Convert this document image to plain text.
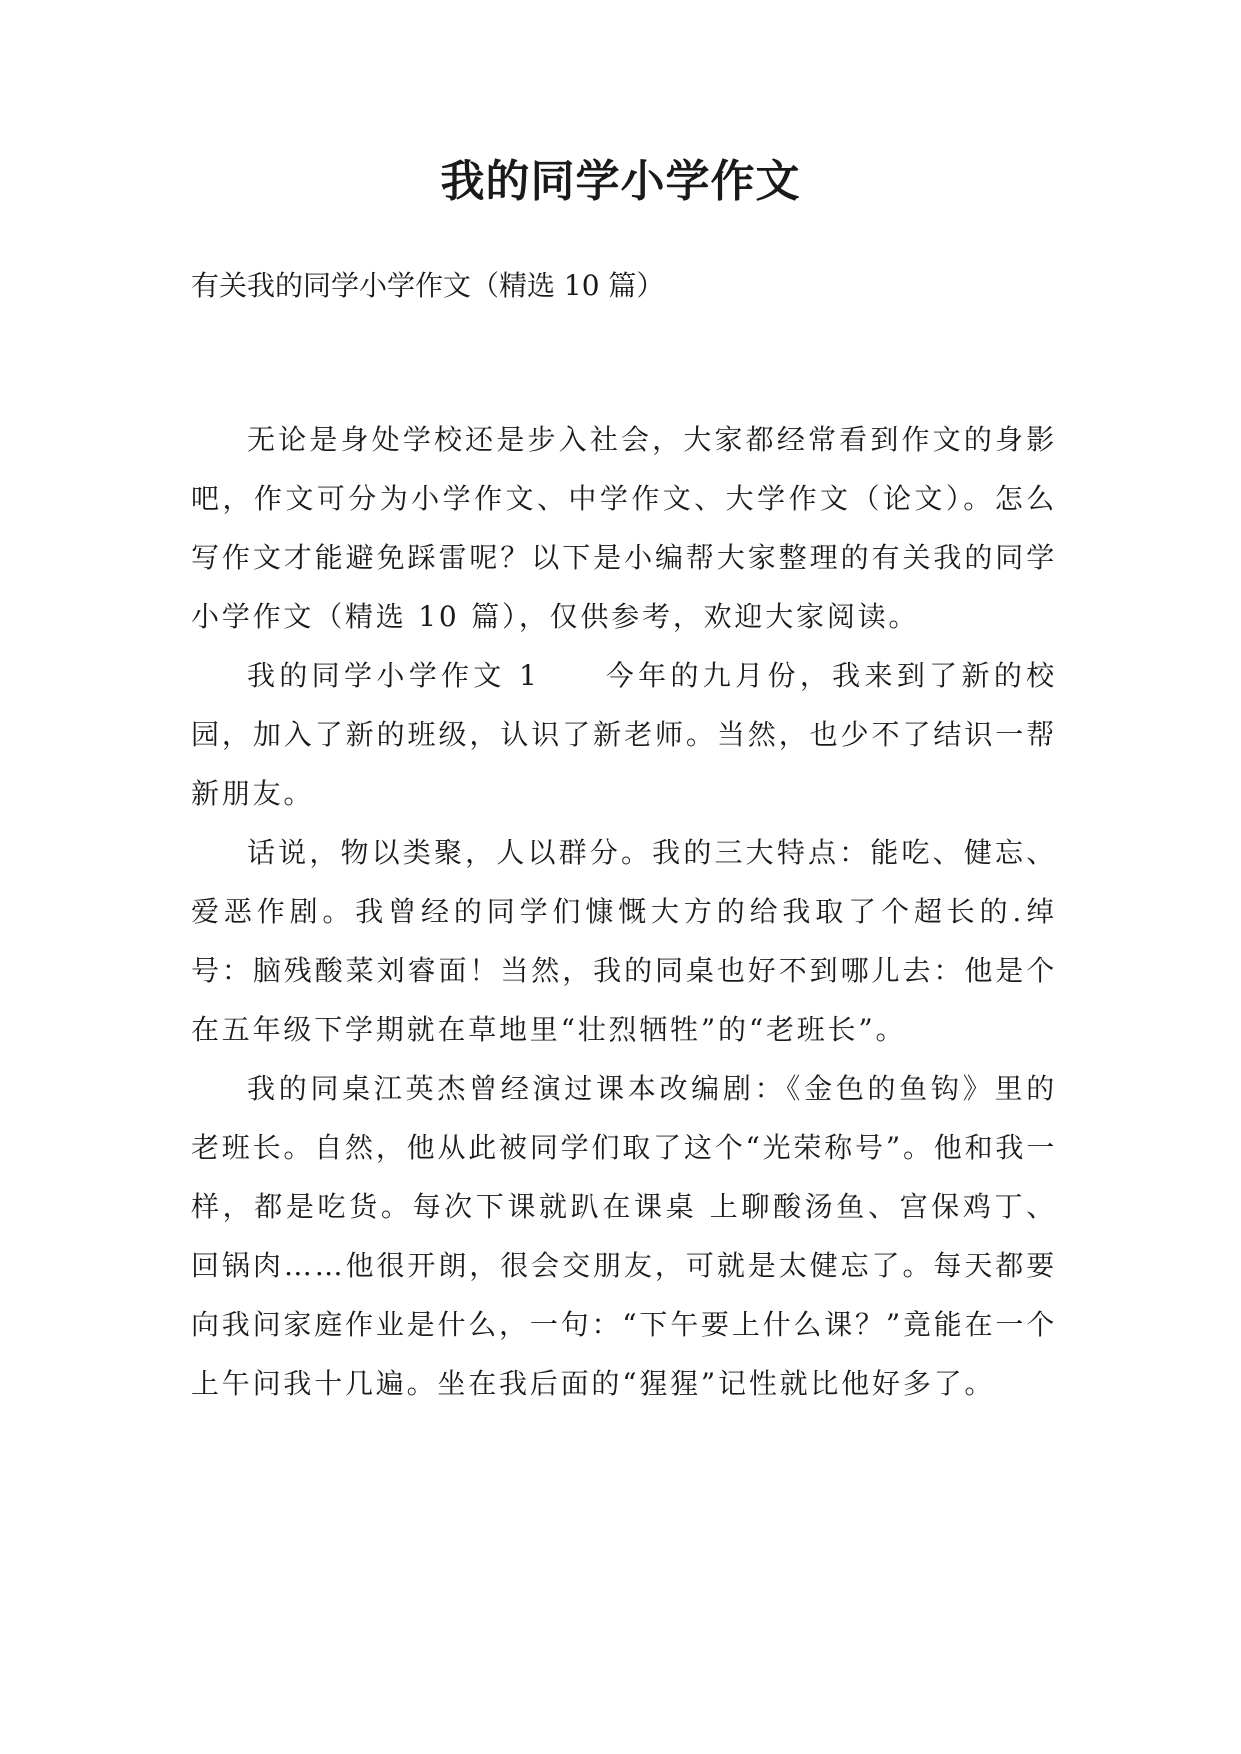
我的同学小学作文

有关我的同学小学作文（精选 10 篇）

无论是身处学校还是步入社会，大家都经常看到作文的身影吧，作文可分为小学作文、中学作文、大学作文（论文）。怎么写作文才能避免踩雷呢？以下是小编帮大家整理的有关我的同学小学作文（精选 10 篇），仅供参考，欢迎大家阅读。

我的同学小学作文 1　　今年的九月份，我来到了新的校园，加入了新的班级，认识了新老师。当然，也少不了结识一帮新朋友。

话说，物以类聚，人以群分。我的三大特点：能吃、健忘、爱恶作剧。我曾经的同学们慷慨大方的给我取了个超长的.绰号：脑残酸菜刘睿面！当然，我的同桌也好不到哪儿去：他是个在五年级下学期就在草地里“壮烈牺牲”的“老班长”。

我的同桌江英杰曾经演过课本改编剧：《金色的鱼钩》里的老班长。自然，他从此被同学们取了这个“光荣称号”。他和我一样，都是吃货。每次下课就趴在课桌 上聊酸汤鱼、宫保鸡丁、回锅肉……他很开朗，很会交朋友，可就是太健忘了。每天都要向我问家庭作业是什么，一句：“下午要上什么课？”竟能在一个上午问我十几遍。坐在我后面的“猩猩”记性就比他好多了。
